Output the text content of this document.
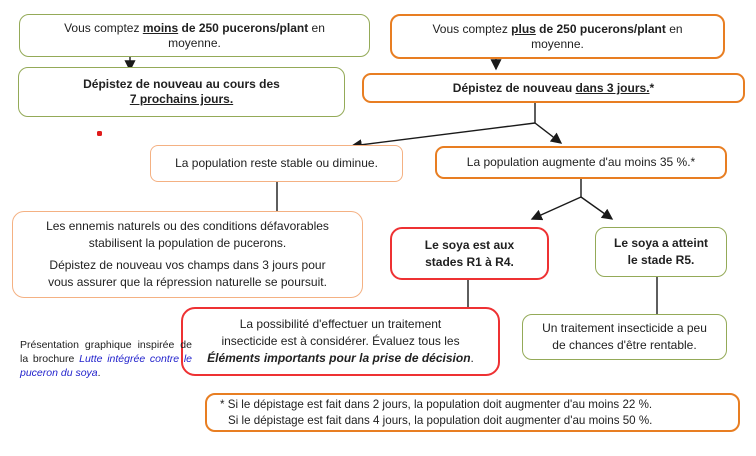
Vous comptez moins de 250 pucerons/plant en
moyenne.
Dépistez de nouveau au cours des
7 prochains jours.
Vous comptez plus de 250 pucerons/plant en
moyenne.
Dépistez de nouveau dans 3 jours.*
La population reste stable ou diminue.	La population augmente d'au moins 35 %.*
Les ennemis naturels ou des conditions défavorables
stabilisent la population de pucerons.
Dépistez de nouveau vos champs dans 3 jours pour
vous assurer que la répression naturelle se poursuit.
Le soya est aux
stades R1 à R4.
Le soya a atteint
le stade R5.
La possibilité d'effectuer un traitement
insecticide est à considérer. Évaluez tous les
Éléments importants pour la prise de décision.
Un traitement insecticide a peu
de chances d'être rentable.
* Si le dépistage est fait dans 2 jours, la population doit augmenter d'au moins 22 %.
Si le dépistage est fait dans 4 jours, la population doit augmenter d'au moins 50 %.
Présentation graphique inspirée de la brochure Lutte intégrée contre le puceron du soya.
